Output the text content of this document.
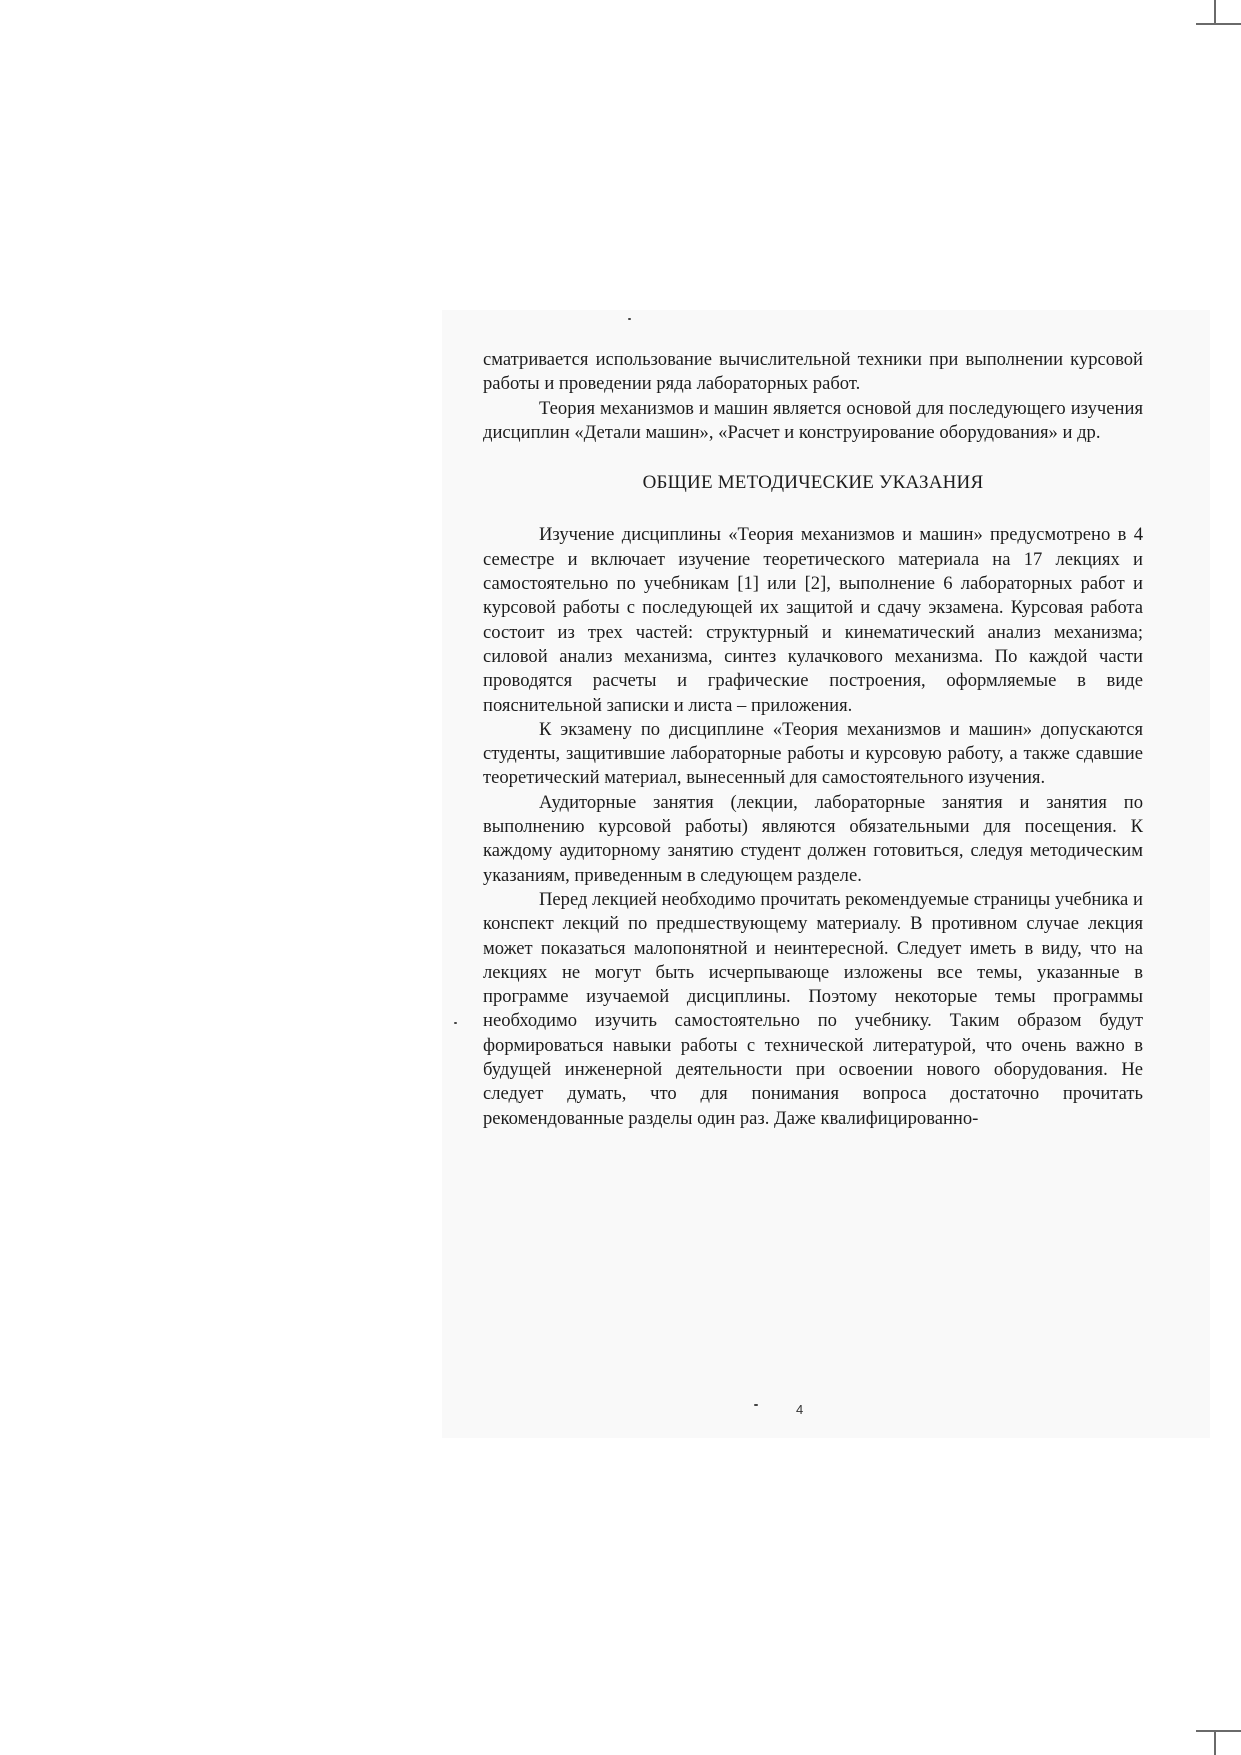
сматривается использование вычислительной техники при выполнении курсовой работы и проведении ряда лабораторных работ.

Теория механизмов и машин является основой для последующего изучения дисциплин «Детали машин», «Расчет и конструирование оборудования» и др.

ОБЩИЕ МЕТОДИЧЕСКИЕ УКАЗАНИЯ

Изучение дисциплины «Теория механизмов и машин» предусмотрено в 4 семестре и включает изучение теоретического материала на 17 лекциях и самостоятельно по учебникам [1] или [2], выполнение 6 лабораторных работ и курсовой работы с последующей их защитой и сдачу экзамена. Курсовая работа состоит из трех частей: структурный и кинематический анализ механизма; силовой анализ механизма, синтез кулачкового механизма. По каждой части проводятся расчеты и графические построения, оформляемые в виде пояснительной записки и листа – приложения.

К экзамену по дисциплине «Теория механизмов и машин» допускаются студенты, защитившие лабораторные работы и курсовую работу, а также сдавшие теоретический материал, вынесенный для самостоятельного изучения.

Аудиторные занятия (лекции, лабораторные занятия и занятия по выполнению курсовой работы) являются обязательными для посещения. К каждому аудиторному занятию студент должен готовиться, следуя методическим указаниям, приведенным в следующем разделе.

Перед лекцией необходимо прочитать рекомендуемые страницы учебника и конспект лекций по предшествующему материалу. В противном случае лекция может показаться малопонятной и неинтересной. Следует иметь в виду, что на лекциях не могут быть исчерпывающе изложены все темы, указанные в программе изучаемой дисциплины. Поэтому некоторые темы программы необходимо изучить самостоятельно по учебнику. Таким образом будут формироваться навыки работы с технической литературой, что очень важно в будущей инженерной деятельности при освоении нового оборудования. Не следует думать, что для понимания вопроса достаточно прочитать рекомендованные разделы один раз. Даже квалифицированно-

4
